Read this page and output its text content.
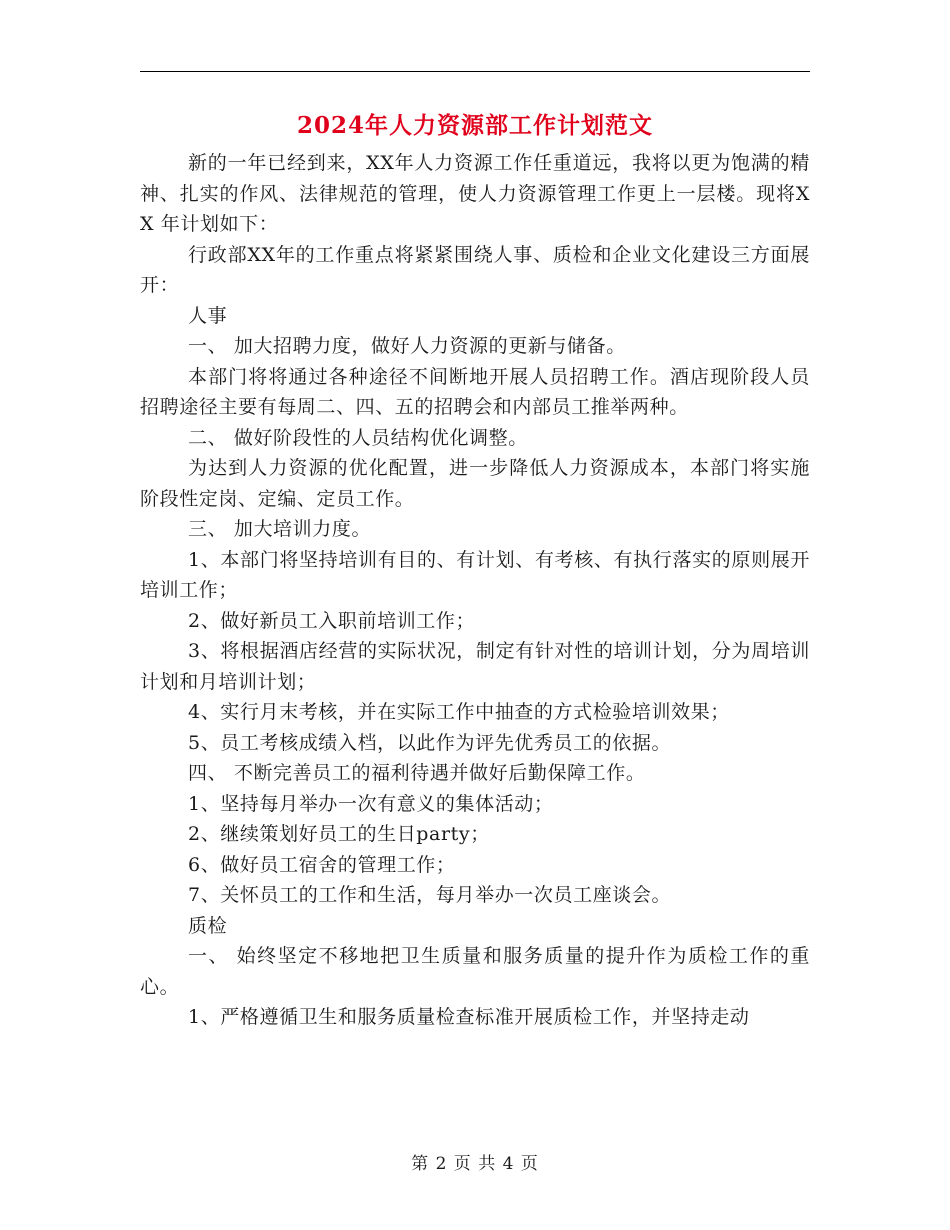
2024年人力资源部工作计划范文

新的一年已经到来，XX年人力资源工作任重道远，我将以更为饱满的精神、扎实的作风、法律规范的管理，使人力资源管理工作更上一层楼。现将XX 年计划如下：

行政部XX年的工作重点将紧紧围绕人事、质检和企业文化建设三方面展开：

人事

一、 加大招聘力度，做好人力资源的更新与储备。

本部门将将通过各种途径不间断地开展人员招聘工作。酒店现阶段人员招聘途径主要有每周二、四、五的招聘会和内部员工推举两种。

二、 做好阶段性的人员结构优化调整。

为达到人力资源的优化配置，进一步降低人力资源成本，本部门将实施阶段性定岗、定编、定员工作。

三、 加大培训力度。

1、本部门将坚持培训有目的、有计划、有考核、有执行落实的原则展开培训工作；

2、做好新员工入职前培训工作；

3、将根据酒店经营的实际状况，制定有针对性的培训计划，分为周培训计划和月培训计划；

4、实行月末考核，并在实际工作中抽查的方式检验培训效果；

5、员工考核成绩入档，以此作为评先优秀员工的依据。

四、 不断完善员工的福利待遇并做好后勤保障工作。

1、坚持每月举办一次有意义的集体活动；

2、继续策划好员工的生日party；

6、做好员工宿舍的管理工作；

7、关怀员工的工作和生活，每月举办一次员工座谈会。

质检

一、 始终坚定不移地把卫生质量和服务质量的提升作为质检工作的重心。

1、严格遵循卫生和服务质量检查标准开展质检工作，并坚持走动

第 2 页 共 4 页
